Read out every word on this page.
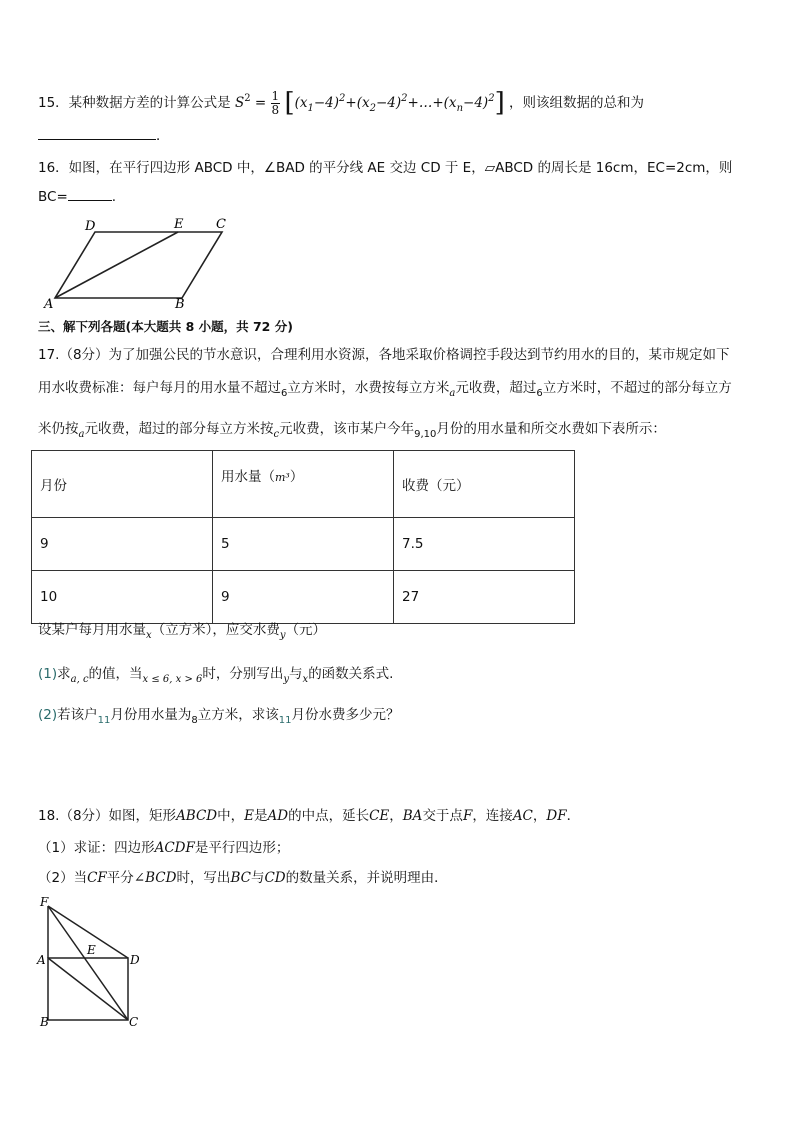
15．某种数据方差的计算公式是 $S^2 = \frac{1}{8}$ $[(x_1-4)^2+(x_2-4)^2+\dots+(x_n-4)^2]$ ，则该组数据的总和为
．
16．如图，在平行四边形 ABCD 中，∠BAD 的平分线 AE 交边 CD 于 E，▱ABCD 的周长是 16cm，EC=2cm，则
BC=	.
D	E	C
A	B
三、解下列各题(本大题共 8 小题，共 72 分)
17.（8分）为了加强公民的节水意识，合理利用水资源，各地采取价格调控手段达到节约用水的目的，某市规定如下
用水收费标准：每户每月的用水量不超过$_6$立方米时，水费按每立方米$_a$元收费，超过$_6$立方米时，不超过的部分每立方
米仍按$_a$元收费，超过的部分每立方米按$_c$元收费，该市某户今年$_{9,10}$月份的用水量和所交水费如下表所示：
月份	用水量（m³）	收费（元）
9	5	7.5
10	9	27
设某户每月用水量$_x$（立方米），应交水费$_y$（元）
(1)求$_{a, c}$的值，当$_{x \le 6, x > 6}$时，分别写出$_y$与$_x$的函数关系式.
(2)若该户$_{11}$月份用水量为$_8$立方米，求该$_{11}$月份水费多少元？
18.（8分）如图，矩形ABCD中，E是AD的中点，延长CE，BA交于点F，连接AC，DF．
（1）求证：四边形ACDF是平行四边形；
（2）当CF平分∠BCD时，写出BC与CD的数量关系，并说明理由．
F
A
E
D
B	C
